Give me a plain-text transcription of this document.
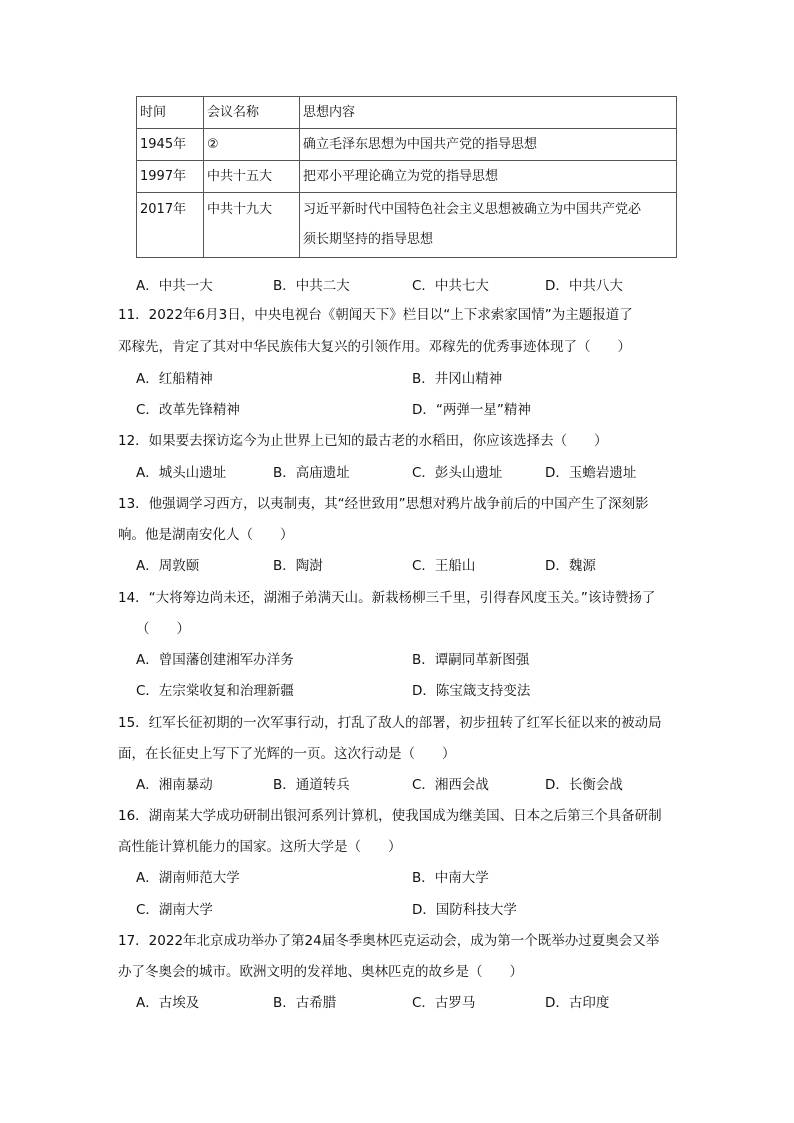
时间	会议名称	思想内容
1945年	②	确立毛泽东思想为中国共产党的指导思想
1997年	中共十五大	把邓小平理论确立为党的指导思想
2017年	中共十九大	习近平新时代中国特色社会主义思想被确立为中国共产党必
须长期坚持的指导思想
A．中共一大	B．中共二大	C．中共七大	D．中共八大
11．2022年6月3日，中央电视台《朝闻天下》栏目以“上下求索家国情”为主题报道了
邓稼先，肯定了其对中华民族伟大复兴的引领作用。邓稼先的优秀事迹体现了（　　）
A．红船精神	B．井冈山精神
C．改革先锋精神	D．“两弹一星”精神
12．如果要去探访迄今为止世界上已知的最古老的水稻田，你应该选择去（　　）
A．城头山遗址	B．高庙遗址	C．彭头山遗址	D．玉蟾岩遗址
13．他强调学习西方，以夷制夷，其“经世致用”思想对鸦片战争前后的中国产生了深刻影
响。他是湖南安化人（　　）
A．周敦颐	B．陶澍	C．王船山	D．魏源
14．“大将筹边尚未还，湖湘子弟满天山。新栽杨柳三千里，引得春风度玉关。”该诗赞扬了
（　　）
A．曾国藩创建湘军办洋务	B．谭嗣同革新图强
C．左宗棠收复和治理新疆	D．陈宝箴支持变法
15．红军长征初期的一次军事行动，打乱了敌人的部署，初步扭转了红军长征以来的被动局
面，在长征史上写下了光辉的一页。这次行动是（　　）
A．湘南暴动	B．通道转兵	C．湘西会战	D．长衡会战
16．湖南某大学成功研制出银河系列计算机，使我国成为继美国、日本之后第三个具备研制
高性能计算机能力的国家。这所大学是（　　）
A．湖南师范大学	B．中南大学
C．湖南大学	D．国防科技大学
17．2022年北京成功举办了第24届冬季奥林匹克运动会，成为第一个既举办过夏奥会又举
办了冬奥会的城市。欧洲文明的发祥地、奥林匹克的故乡是（　　）
A．古埃及	B．古希腊	C．古罗马	D．古印度
